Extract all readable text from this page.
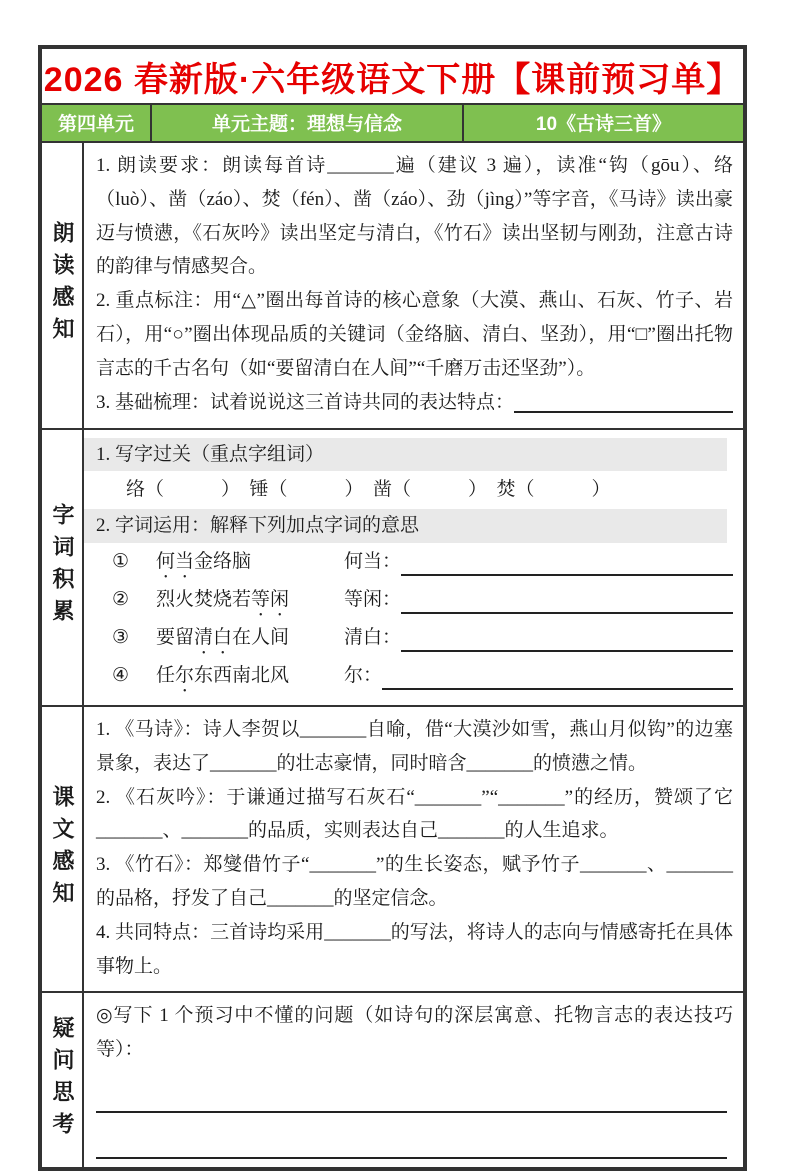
2026 春新版·六年级语文下册【课前预习单】
第四单元	单元主题：理想与信念	10《古诗三首》
朗读感知
1. 朗读要求：朗读每首诗_______遍（建议 3 遍），读准“钩（gōu）、络（luò）、凿（záo）、焚（fén）、凿（záo）、劲（jìng）”等字音，《马诗》读出豪迈与愤懑，《石灰吟》读出坚定与清白，《竹石》读出坚韧与刚劲，注意古诗的韵律与情感契合。
2. 重点标注：用“△”圈出每首诗的核心意象（大漠、燕山、石灰、竹子、岩石），用“○”圈出体现品质的关键词（金络脑、清白、坚劲），用“□”圈出托物言志的千古名句（如“要留清白在人间”“千磨万击还坚劲”）。
3. 基础梳理：试着说说这三首诗共同的表达特点：
字词积累
1. 写字过关（重点字组词）
络（　　　）　锤（　　　）　凿（　　　）　焚（　　　）
2. 字词运用：解释下列加点字词的意思
①	何当金络脑	何当：
②	烈火焚烧若等闲	等闲：
③	要留清白在人间	清白：
④	任尔东西南北风	尔：
课文感知
1. 《马诗》：诗人李贺以_______自喻，借“大漠沙如雪，燕山月似钩”的边塞景象，表达了_______的壮志豪情，同时暗含_______的愤懑之情。
2. 《石灰吟》：于谦通过描写石灰石“_______”“_______”的经历，赞颂了它_______、_______的品质，实则表达自己_______的人生追求。
3. 《竹石》：郑燮借竹子“_______”的生长姿态，赋予竹子_______、_______的品格，抒发了自己_______的坚定信念。
4. 共同特点：三首诗均采用_______的写法，将诗人的志向与情感寄托在具体事物上。
疑问思考
◎写下 1 个预习中不懂的问题（如诗句的深层寓意、托物言志的表达技巧等）：
